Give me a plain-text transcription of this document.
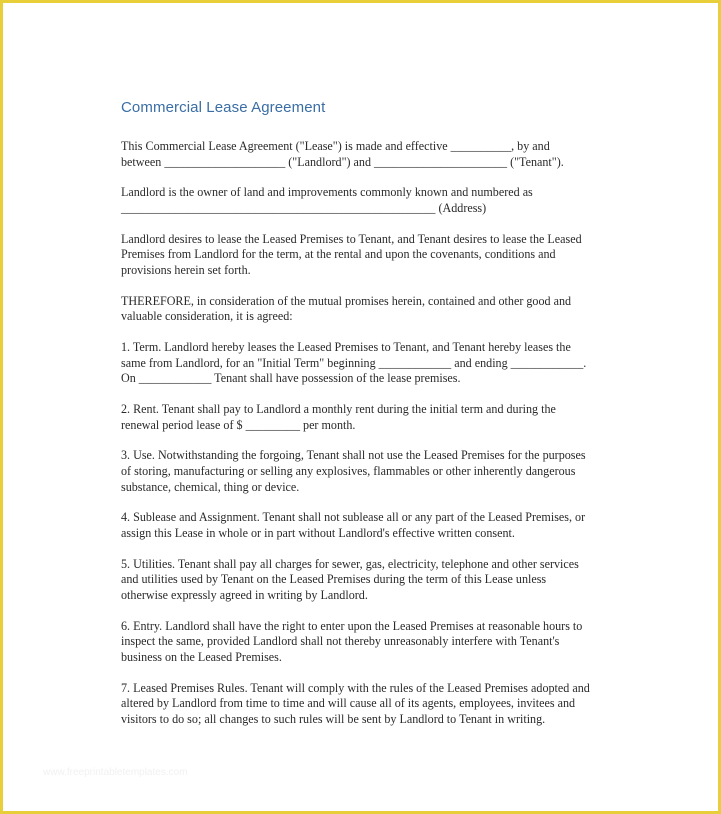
Commercial Lease Agreement

This Commercial Lease Agreement ("Lease") is made and effective __________, by and
between ____________________ ("Landlord") and ______________________ ("Tenant").

Landlord is the owner of land and improvements commonly known and numbered as
____________________________________________________ (Address)

Landlord desires to lease the Leased Premises to Tenant, and Tenant desires to lease the Leased
Premises from Landlord for the term, at the rental and upon the covenants, conditions and
provisions herein set forth.

THEREFORE, in consideration of the mutual promises herein, contained and other good and
valuable consideration, it is agreed:

1. Term. Landlord hereby leases the Leased Premises to Tenant, and Tenant hereby leases the
same from Landlord, for an "Initial Term" beginning ____________ and ending ____________.
On ____________ Tenant shall have possession of the lease premises.

2. Rent. Tenant shall pay to Landlord a monthly rent during the initial term and during the
renewal period lease of $ _________ per month.

3. Use. Notwithstanding the forgoing, Tenant shall not use the Leased Premises for the purposes
of storing, manufacturing or selling any explosives, flammables or other inherently dangerous
substance, chemical, thing or device.

4. Sublease and Assignment. Tenant shall not sublease all or any part of the Leased Premises, or
assign this Lease in whole or in part without Landlord's effective written consent.

5. Utilities. Tenant shall pay all charges for sewer, gas, electricity, telephone and other services
and utilities used by Tenant on the Leased Premises during the term of this Lease unless
otherwise expressly agreed in writing by Landlord.

6. Entry. Landlord shall have the right to enter upon the Leased Premises at reasonable hours to
inspect the same, provided Landlord shall not thereby unreasonably interfere with Tenant's
business on the Leased Premises.

7. Leased Premises Rules. Tenant will comply with the rules of the Leased Premises adopted and
altered by Landlord from time to time and will cause all of its agents, employees, invitees and
visitors to do so; all changes to such rules will be sent by Landlord to Tenant in writing.

www.freeprintabletemplates.com
